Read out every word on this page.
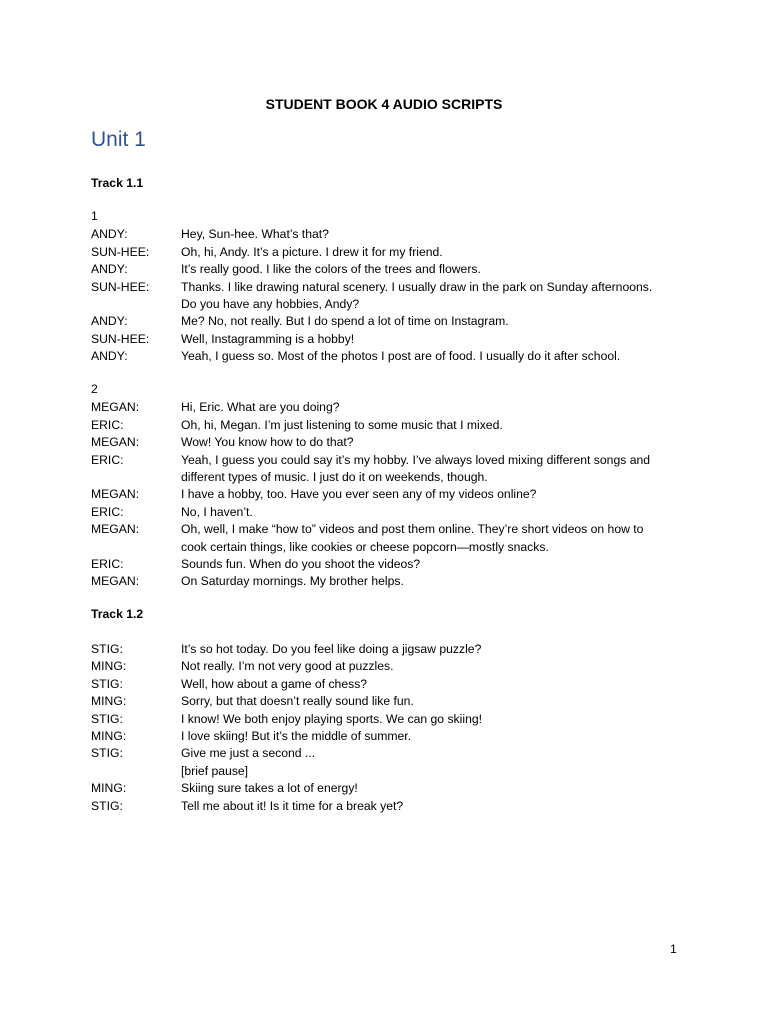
STUDENT BOOK 4 AUDIO SCRIPTS
Unit 1
Track 1.1
1
ANDY:	Hey, Sun-hee. What’s that?
SUN-HEE:	Oh, hi, Andy. It’s a picture. I drew it for my friend.
ANDY:	It’s really good. I like the colors of the trees and flowers.
SUN-HEE:	Thanks. I like drawing natural scenery. I usually draw in the park on Sunday afternoons.
Do you have any hobbies, Andy?
ANDY:	Me? No, not really. But I do spend a lot of time on Instagram.
SUN-HEE:	Well, Instagramming is a hobby!
ANDY:	Yeah, I guess so. Most of the photos I post are of food. I usually do it after school.
2
MEGAN:	Hi, Eric. What are you doing?
ERIC:	Oh, hi, Megan. I’m just listening to some music that I mixed.
MEGAN:	Wow! You know how to do that?
ERIC:	Yeah, I guess you could say it’s my hobby. I’ve always loved mixing different songs and
different types of music. I just do it on weekends, though.
MEGAN:	I have a hobby, too. Have you ever seen any of my videos online?
ERIC:	No, I haven’t.
MEGAN:	Oh, well, I make “how to” videos and post them online. They’re short videos on how to
cook certain things, like cookies or cheese popcorn—mostly snacks.
ERIC:	Sounds fun. When do you shoot the videos?
MEGAN:	On Saturday mornings. My brother helps.
Track 1.2
STIG:	It’s so hot today. Do you feel like doing a jigsaw puzzle?
MING:	Not really. I’m not very good at puzzles.
STIG:	Well, how about a game of chess?
MING:	Sorry, but that doesn’t really sound like fun.
STIG:	I know! We both enjoy playing sports. We can go skiing!
MING:	I love skiing! But it’s the middle of summer.
STIG:	Give me just a second ...
[brief pause]
MING:	Skiing sure takes a lot of energy!
STIG:	Tell me about it! Is it time for a break yet?
1
